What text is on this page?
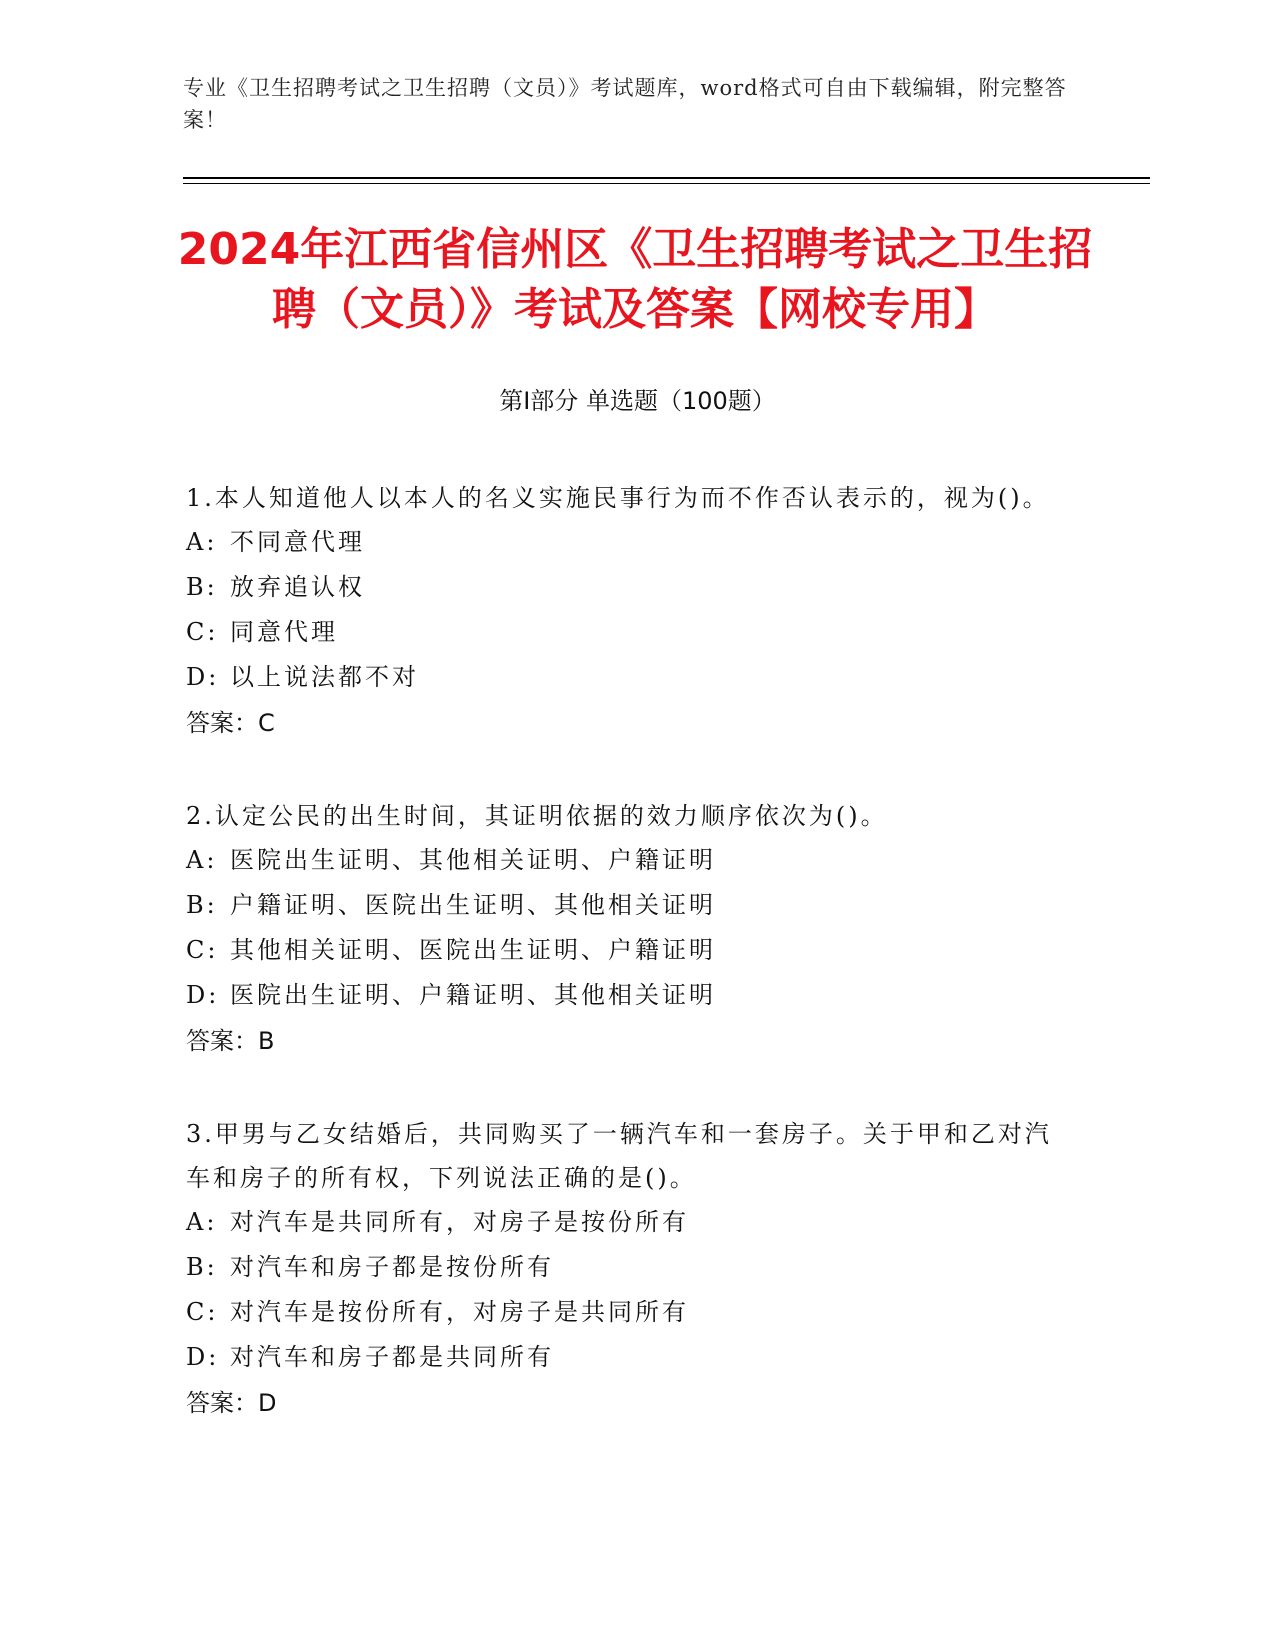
专业《卫生招聘考试之卫生招聘（文员）》考试题库，word格式可自由下载编辑，附完整答案！
2024年江西省信州区《卫生招聘考试之卫生招聘（文员）》考试及答案【网校专用】
第Ⅰ部分 单选题（100题）

1.本人知道他人以本人的名义实施民事行为而不作否认表示的，视为()。

A: 不同意代理

B: 放弃追认权

C: 同意代理

D: 以上说法都不对

答案：C

2.认定公民的出生时间，其证明依据的效力顺序依次为()。

A: 医院出生证明、其他相关证明、户籍证明

B: 户籍证明、医院出生证明、其他相关证明

C: 其他相关证明、医院出生证明、户籍证明

D: 医院出生证明、户籍证明、其他相关证明

答案：B

3.甲男与乙女结婚后，共同购买了一辆汽车和一套房子。关于甲和乙对汽车和房子的所有权，下列说法正确的是()。

A: 对汽车是共同所有，对房子是按份所有

B: 对汽车和房子都是按份所有

C: 对汽车是按份所有，对房子是共同所有

D: 对汽车和房子都是共同所有

答案：D
